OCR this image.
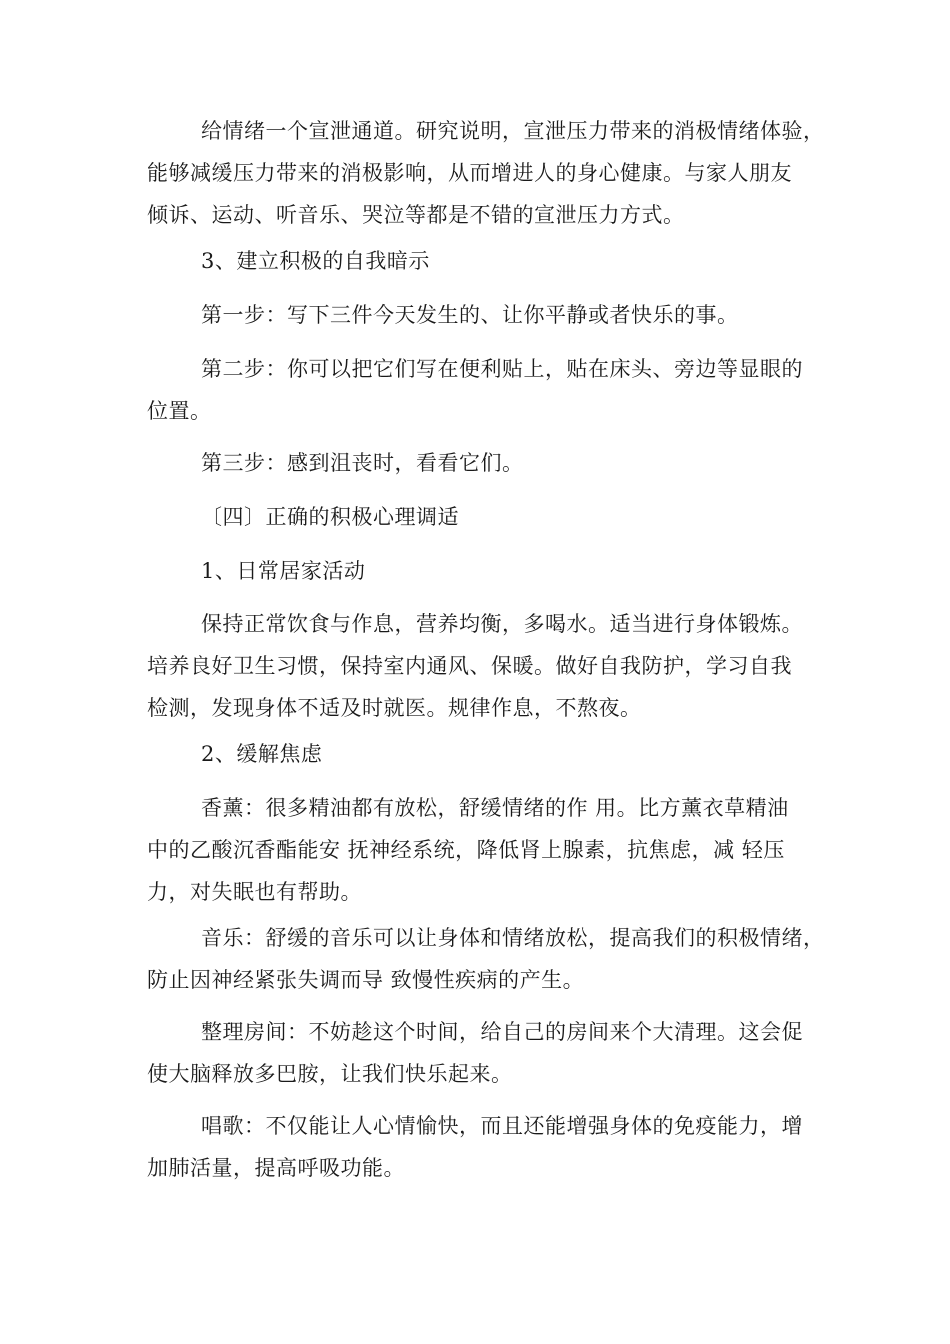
给情绪一个宣泄通道。研究说明，宣泄压力带来的消极情绪体验，
能够减缓压力带来的消极影响，从而增进人的身心健康。与家人朋友
倾诉、运动、听音乐、哭泣等都是不错的宣泄压力方式。

3、建立积极的自我暗示

第一步：写下三件今天发生的、让你平静或者快乐的事。

第二步：你可以把它们写在便利贴上，贴在床头、旁边等显眼的
位置。

第三步：感到沮丧时，看看它们。

〔四〕正确的积极心理调适

1、日常居家活动

保持正常饮食与作息，营养均衡，多喝水。适当进行身体锻炼。
培养良好卫生习惯，保持室内通风、保暖。做好自我防护，学习自我
检测，发现身体不适及时就医。规律作息，不熬夜。

2、缓解焦虑

香薰：很多精油都有放松，舒缓情绪的作 用。比方薰衣草精油
中的乙酸沉香酯能安 抚神经系统，降低肾上腺素，抗焦虑，减 轻压
力，对失眠也有帮助。

音乐：舒缓的音乐可以让身体和情绪放松，提高我们的积极情绪，
防止因神经紧张失调而导 致慢性疾病的产生。

整理房间：不妨趁这个时间，给自己的房间来个大清理。这会促
使大脑释放多巴胺，让我们快乐起来。

唱歌：不仅能让人心情愉快，而且还能增强身体的免疫能力，增
加肺活量，提高呼吸功能。
